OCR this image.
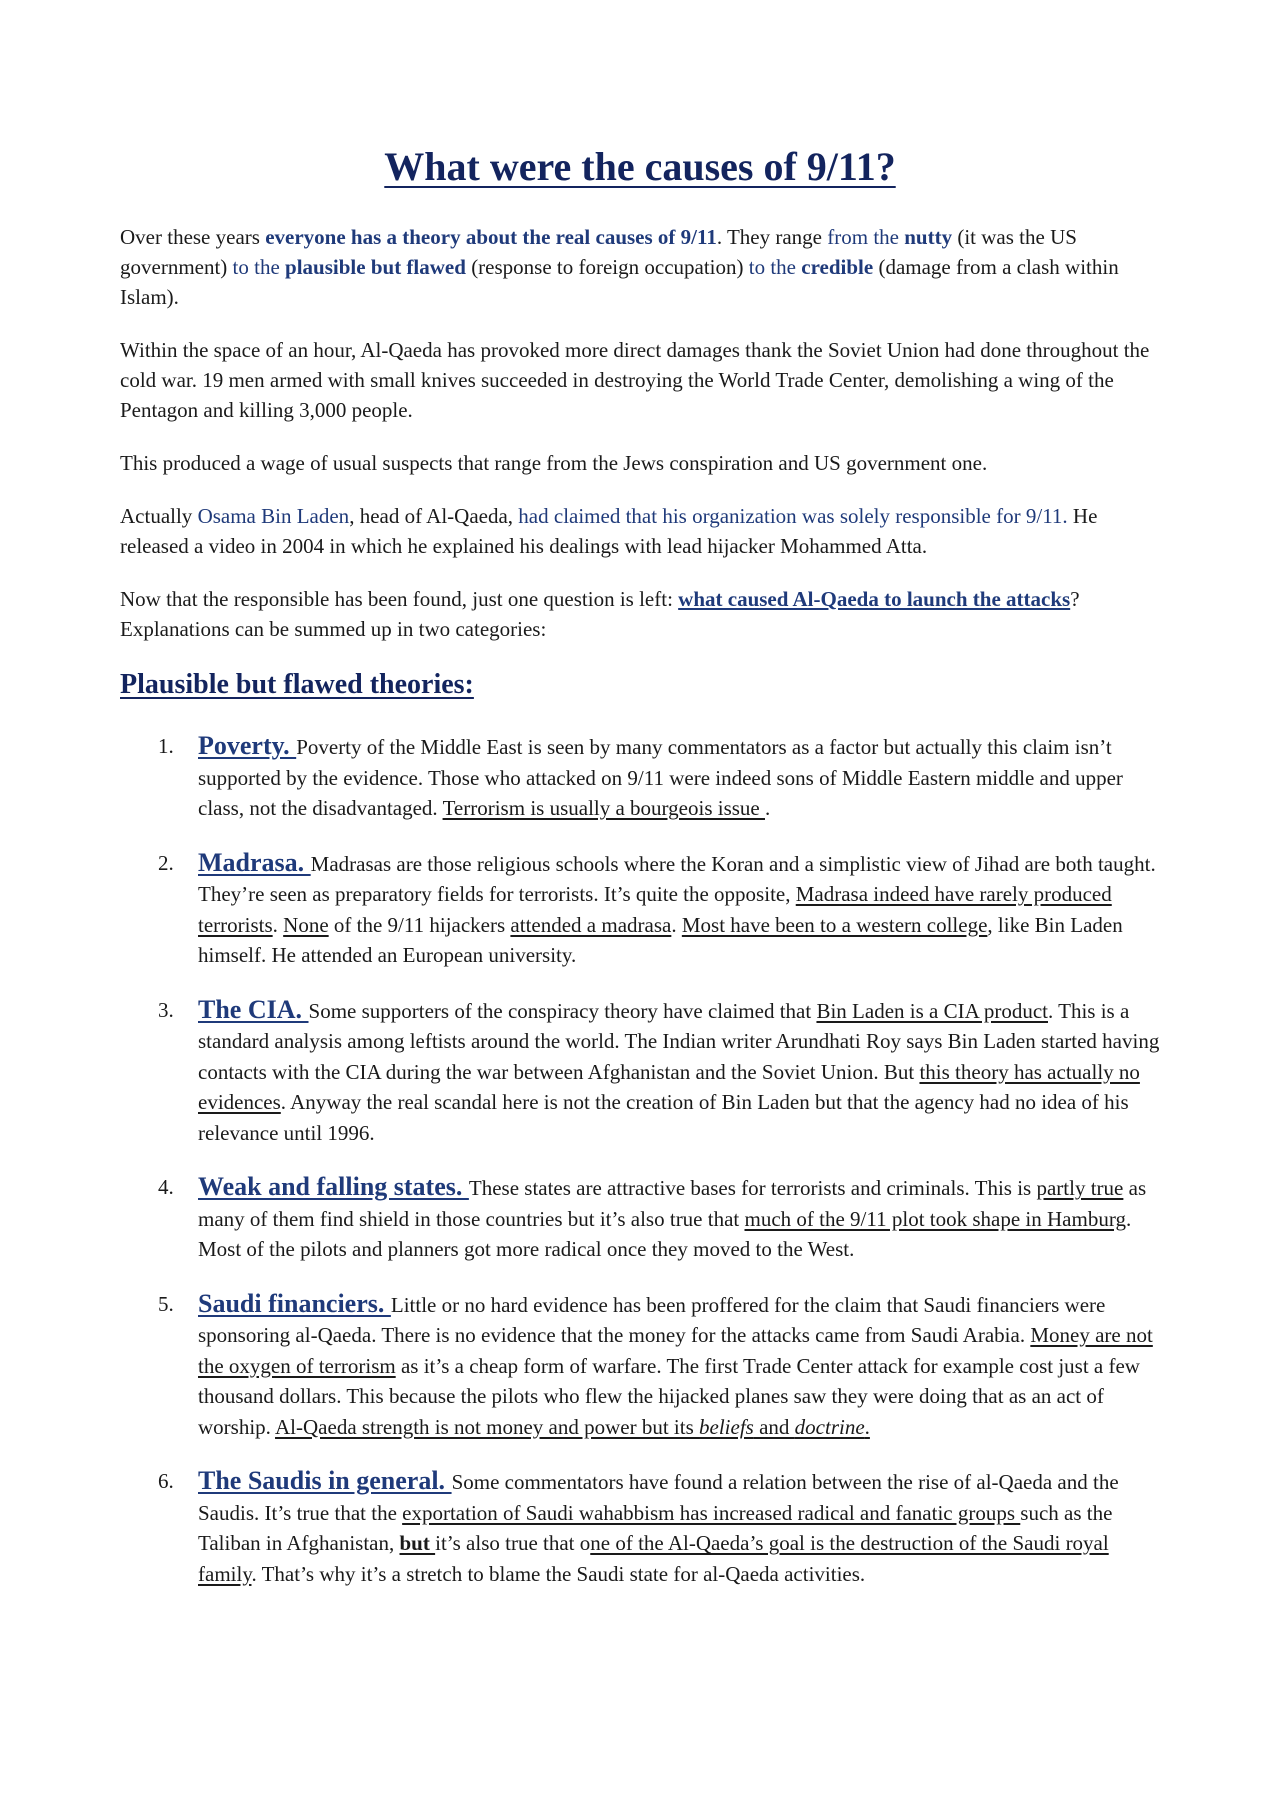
What were the causes of 9/11?

Over these years everyone has a theory about the real causes of 9/11. They range from the nutty (it was the US government) to the plausible but flawed (response to foreign occupation) to the credible (damage from a clash within Islam).

Within the space of an hour, Al-Qaeda has provoked more direct damages thank the Soviet Union had done throughout the cold war. 19 men armed with small knives succeeded in destroying the World Trade Center, demolishing a wing of the Pentagon and killing 3,000 people.

This produced a wage of usual suspects that range from the Jews conspiration and US government one.

Actually Osama Bin Laden, head of Al-Qaeda, had claimed that his organization was solely responsible for 9/11. He released a video in 2004 in which he explained his dealings with lead hijacker Mohammed Atta.

Now that the responsible has been found, just one question is left: what caused Al-Qaeda to launch the attacks? Explanations can be summed up in two categories:

Plausible but flawed theories:
1. Poverty. Poverty of the Middle East is seen by many commentators as a factor but actually this claim isn’t supported by the evidence. Those who attacked on 9/11 were indeed sons of Middle Eastern middle and upper class, not the disadvantaged. Terrorism is usually a bourgeois issue .
2. Madrasa. Madrasas are those religious schools where the Koran and a simplistic view of Jihad are both taught. They’re seen as preparatory fields for terrorists. It’s quite the opposite, Madrasa indeed have rarely produced terrorists. None of the 9/11 hijackers attended a madrasa. Most have been to a western college, like Bin Laden himself. He attended an European university.
3. The CIA. Some supporters of the conspiracy theory have claimed that Bin Laden is a CIA product. This is a standard analysis among leftists around the world. The Indian writer Arundhati Roy says Bin Laden started having contacts with the CIA during the war between Afghanistan and the Soviet Union. But this theory has actually no evidences. Anyway the real scandal here is not the creation of Bin Laden but that the agency had no idea of his relevance until 1996.
4. Weak and falling states. These states are attractive bases for terrorists and criminals. This is partly true as many of them find shield in those countries but it’s also true that much of the 9/11 plot took shape in Hamburg. Most of the pilots and planners got more radical once they moved to the West.
5. Saudi financiers. Little or no hard evidence has been proffered for the claim that Saudi financiers were sponsoring al-Qaeda. There is no evidence that the money for the attacks came from Saudi Arabia. Money are not the oxygen of terrorism as it’s a cheap form of warfare. The first Trade Center attack for example cost just a few thousand dollars. This because the pilots who flew the hijacked planes saw they were doing that as an act of worship. Al-Qaeda strength is not money and power but its beliefs and doctrine.
6. The Saudis in general. Some commentators have found a relation between the rise of al-Qaeda and the Saudis. It’s true that the exportation of Saudi wahabbism has increased radical and fanatic groups such as the Taliban in Afghanistan, but it’s also true that one of the Al-Qaeda’s goal is the destruction of the Saudi royal family. That’s why it’s a stretch to blame the Saudi state for al-Qaeda activities.
